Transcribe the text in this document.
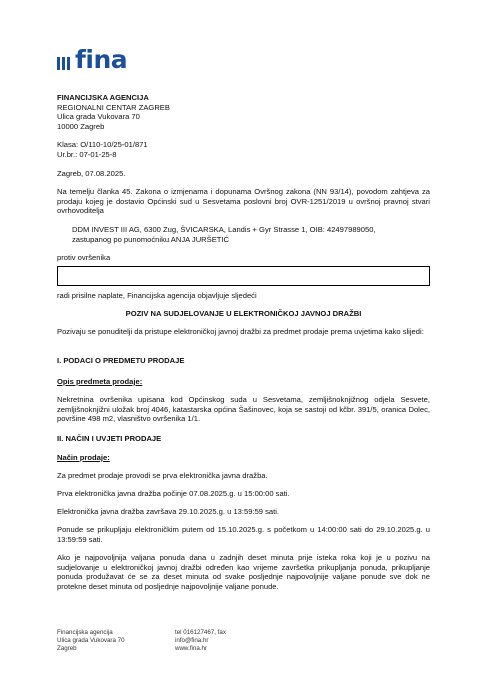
fina
FINANCIJSKA AGENCIJA
REGIONALNI CENTAR ZAGREB
Ulica grada Vukovara 70
10000 Zagreb
Klasa: O/110-10/25-01/871
Ur.br.: 07-01-25-8
Zagreb, 07.08.2025.
Na temelju članka 45. Zakona o izmjenama i dopunama Ovršnog zakona (NN 93/14), povodom zahtjeva za prodaju kojeg je dostavio Općinski sud u Sesvetama poslovni broj OVR-1251/2019 u ovršnoj pravnoj stvari ovrhovoditelja
DDM INVEST III AG, 6300 Zug, ŠVICARSKA, Landis + Gyr Strasse 1, OIB: 42497989050,
zastupanog po punomoćniku ANJA JURŠETIĆ
protiv ovršenika
radi prisilne naplate, Financijska agencija objavljuje sljedeći
POZIV NA SUDJELOVANJE U ELEKTRONIČKOJ JAVNOJ DRAŽBI
Pozivaju se ponuditelji da pristupe elektroničkoj javnoj dražbi za predmet prodaje prema uvjetima kako slijedi:
I. PODACI O PREDMETU PRODAJE
Opis predmeta prodaje:
Nekretnina ovršenika upisana kod Općinskog suda u Sesvetama, zemljišnoknjižnog odjela Sesvete, zemljišnoknjižni uložak broj 4046, katastarska općina Šašinovec, koja se sastoji od kčbr. 391/5, oranica Dolec, površine 498 m2, vlasništvo ovršenika 1/1.
II. NAČIN I UVJETI PRODAJE
Način prodaje:
Za predmet prodaje provodi se prva elektronička javna dražba.
Prva elektronička javna dražba počinje 07.08.2025.g. u 15:00:00 sati.
Elektronička javna dražba završava 29.10.2025.g. u 13:59:59 sati.
Ponude se prikupljaju elektroničkim putem od 15.10.2025.g. s početkom u 14:00:00 sati do 29.10.2025.g. u 13:59:59 sati.
Ako je najpovoljnija valjana ponuda dana u zadnjih deset minuta prije isteka roka koji je u pozivu na sudjelovanje u elektroničkoj javnoj dražbi određen kao vrijeme završetka prikupljanja ponuda, prikupljanje ponuda produžavat će se za deset minuta od svake posljednje najpovoljnije valjane ponude sve dok ne protekne deset minuta od posljednje najpovoljnije valjane ponude.
Financijska agencija
Ulica grada Vukovara 70
Zagreb
tel 016127467, fax
info@fina.hr
www.fina.hr
